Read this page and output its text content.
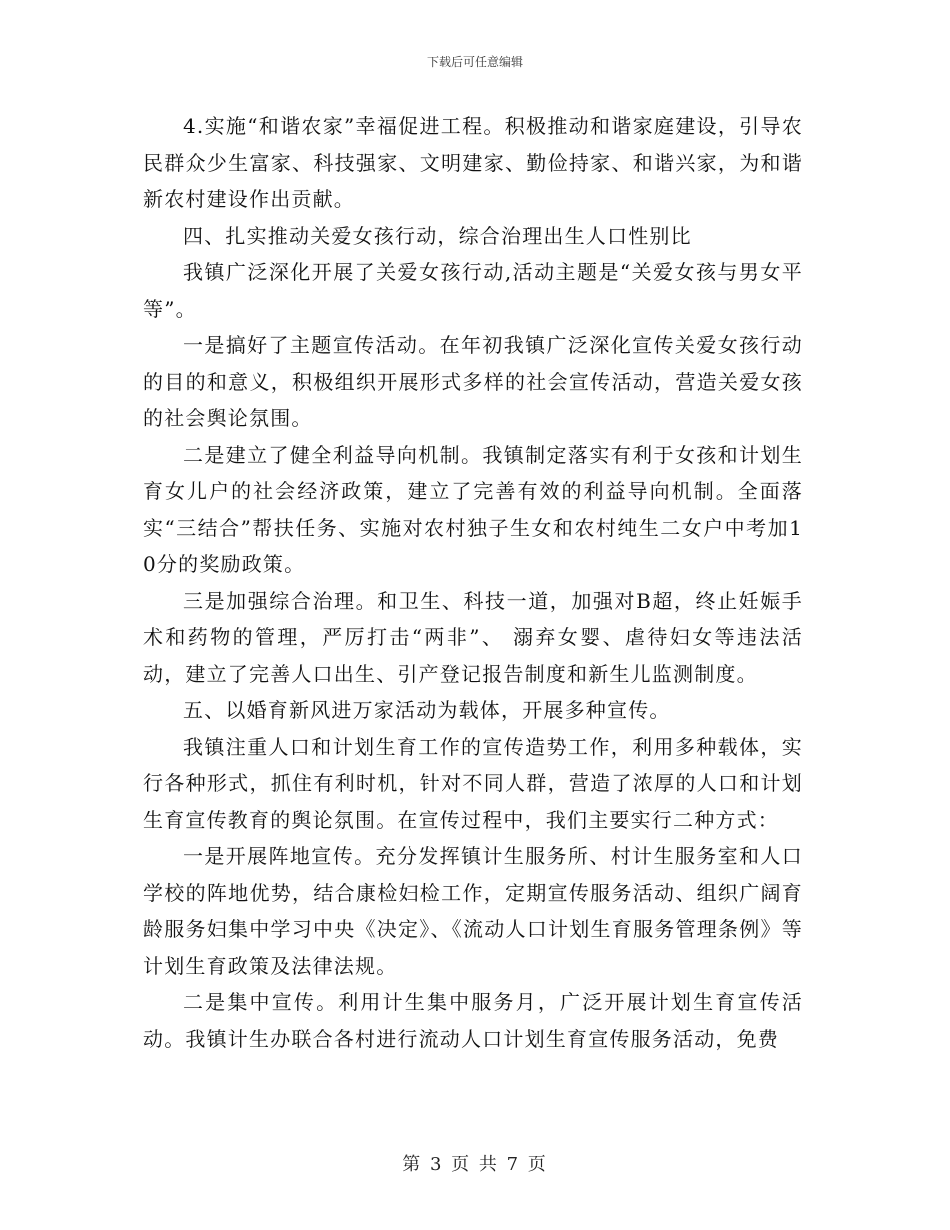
下载后可任意编辑

4.实施“和谐农家”幸福促进工程。积极推动和谐家庭建设，引导农民群众少生富家、科技强家、文明建家、勤俭持家、和谐兴家，为和谐新农村建设作出贡献。

四、扎实推动关爱女孩行动，综合治理出生人口性别比

我镇广泛深化开展了关爱女孩行动,活动主题是“关爱女孩与男女平等”。

一是搞好了主题宣传活动。在年初我镇广泛深化宣传关爱女孩行动的目的和意义，积极组织开展形式多样的社会宣传活动，营造关爱女孩的社会舆论氛围。

二是建立了健全利益导向机制。我镇制定落实有利于女孩和计划生育女儿户的社会经济政策，建立了完善有效的利益导向机制。全面落实“三结合”帮扶任务、实施对农村独子生女和农村纯生二女户中考加10分的奖励政策。

三是加强综合治理。和卫生、科技一道，加强对B超，终止妊娠手术和药物的管理，严厉打击“两非”、 溺弃女婴、虐待妇女等违法活动，建立了完善人口出生、引产登记报告制度和新生儿监测制度。

五、以婚育新风进万家活动为载体，开展多种宣传。

我镇注重人口和计划生育工作的宣传造势工作，利用多种载体，实行各种形式，抓住有利时机，针对不同人群，营造了浓厚的人口和计划生育宣传教育的舆论氛围。在宣传过程中，我们主要实行二种方式：

一是开展阵地宣传。充分发挥镇计生服务所、村计生服务室和人口学校的阵地优势，结合康检妇检工作，定期宣传服务活动、组织广阔育龄服务妇集中学习中央《决定》、《流动人口计划生育服务管理条例》等计划生育政策及法律法规。

二是集中宣传。利用计生集中服务月，广泛开展计划生育宣传活动。我镇计生办联合各村进行流动人口计划生育宣传服务活动，免费

第 3 页 共 7 页
